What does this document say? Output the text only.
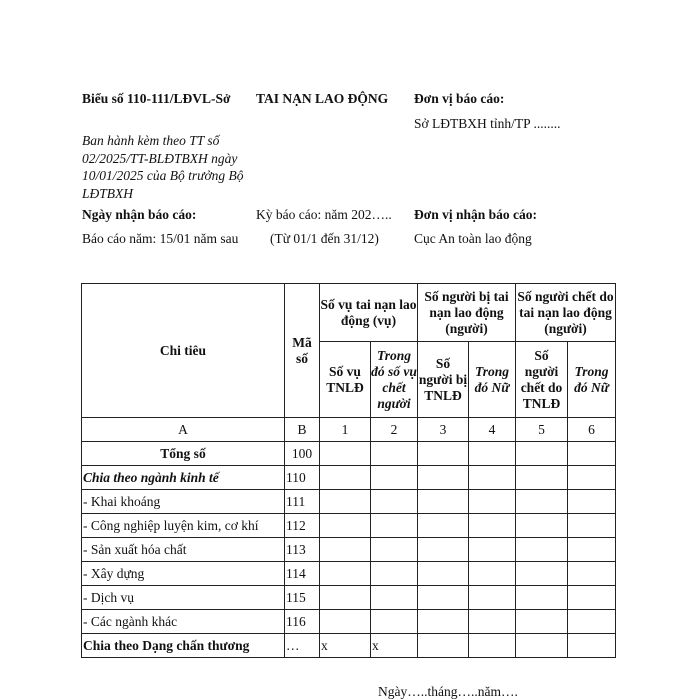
Biểu số 110-111/LĐVL-Sở
Ban hành kèm theo TT số 02/2025/TT-BLĐTBXH ngày 10/01/2025 của Bộ trưởng Bộ LĐTBXH
TAI NẠN LAO ĐỘNG	Đơn vị báo cáo:
Sở LĐTBXH tỉnh/TP ........
Ngày nhận báo cáo:
Báo cáo năm: 15/01 năm sau
Kỳ báo cáo: năm 202…..
(Từ 01/1 đến 31/12)
Đơn vị nhận báo cáo:
Cục An toàn lao động
Chi tiêu	Mã số	Số vụ tai nạn lao động (vụ)		Số người bị tai nạn lao động (người)		Số người chết do tai nạn lao động (người)	
		Số vụ TNLĐ	Trong đó số vụ chết người	Số người bị TNLĐ	Trong đó Nữ	Số người chết do TNLĐ	Trong đó Nữ
A	B	1	2	3	4	5	6
Tổng số	100						
Chia theo ngành kinh tế	110						
- Khai khoáng	111						
- Công nghiệp luyện kim, cơ khí	112						
- Sản xuất hóa chất	113						
- Xây dựng	114						
- Dịch vụ	115						
- Các ngành khác	116						
Chia theo Dạng chấn thương	…	x	x				
Ngày…..tháng…..năm….
